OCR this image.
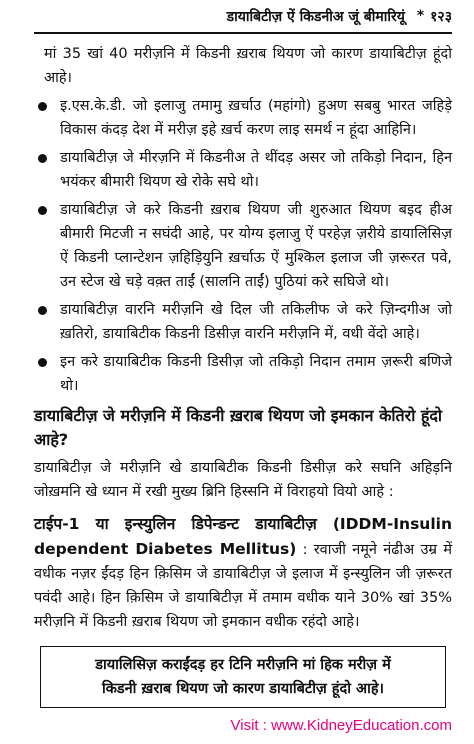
डायाबिटीज़ ऐं किडनीअ जूं बीमारियूं * १२३

मां 35 खां 40 मरीज़नि में किडनी ख़राब थियण जो कारण डायाबिटीज़ हूंदो आहे।

इ.एस.के.डी. जो इलाजु तमामु ख़र्चाउ (महांगो) हुअण सबबु भारत जहिड़े विकास कंदड़ देश में मरीज़ इहे ख़र्च करण लाइ समर्थ न हूंदा आहिनि।
डायाबिटीज़ जे मीरज़नि में किडनीअ ते थींदड़ असर जो तकिड़ो निदान, हिन भयंकर बीमारी थियण खे रोके सघे थो।
डायाबिटीज़ जे करे किडनी ख़राब थियण जी शुरुआत थियण बइद हीअ बीमारी मिटजी न सघंदी आहे, पर योग्य इलाजु ऐं परहेज़ ज़रीये डायालिसिज़ ऐं किडनी प्लान्टेशन ज़हिड़ियुनि ख़र्चाऊ ऐं मुश्किल इलाज जी ज़रूरत पवे, उन स्टेज खे चड़े वक़्त ताईं (सालनि ताईं) पुठियां करे सघिजे थो।
डायाबिटीज़ वारनि मरीज़नि खे दिल जी तकिलीफ जे करे ज़िन्दगीअ जो ख़तिरो, डायाबिटीक किडनी डिसीज़ वारनि मरीज़नि में, वधी वेंदो आहे।
इन करे डायाबिटीक किडनी डिसीज़ जो तकिड़ो निदान तमाम ज़रूरी बणिजे थो।
डायाबिटीज़ जे मरीज़नि में किडनी ख़राब थियण जो इमकान केतिरो हूंदो आहे?

डायाबिटीज़ जे मरीज़नि खे डायाबिटीक किडनी डिसीज़ करे सघनि अहिड़नि जोख़मनि खे ध्यान में रखी मुख्य ब्रिनि हिस्सनि में विराहयो वियो आहे :

टाईप-1 या इन्स्युलिन डिपेन्डन्ट डायाबिटीज़ (IDDM-Insulin dependent Diabetes Mellitus) : रवाजी नमूने नंढीअ उम्र में वधीक नज़र ईंदड़ हिन क़िसिम जे डायाबिटीज़ जे इलाज में इन्स्युलिन जी ज़रूरत पवंदी आहे। हिन क़िसिम जे डायाबिटीज़ में तमाम वधीक याने 30% खां 35% मरीज़नि में किडनी ख़राब थियण जो इमकान वधीक रहंदो आहे।

डायालिसिज़ कराईंदड़ हर टिनि मरीज़नि मां हिक मरीज़ में
किडनी ख़राब थियण जो कारण डायाबिटीज़ हूंदो आहे।
Visit : www.KidneyEducation.com
